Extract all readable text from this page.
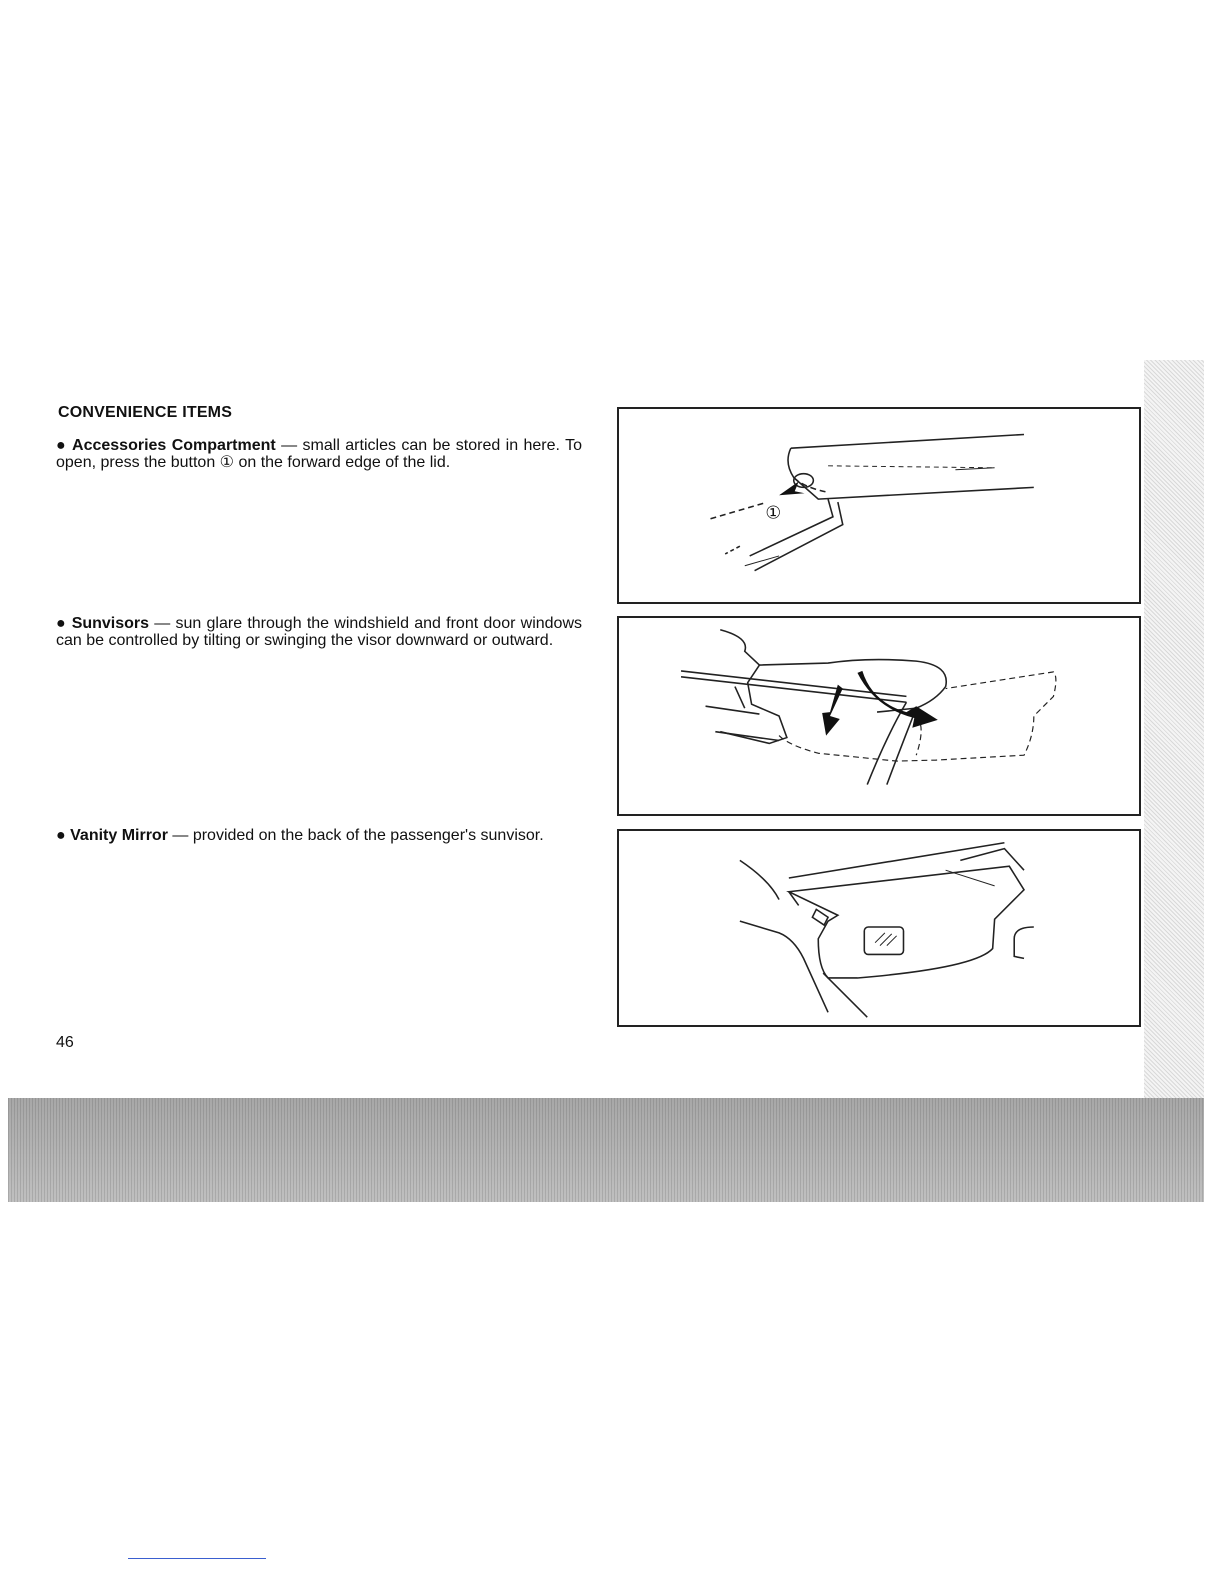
CONVENIENCE ITEMS
● Accessories Compartment — small articles can be stored in here. To open, press the button ① on the forward edge of the lid.
● Sunvisors — sun glare through the windshield and front door windows can be controlled by tilting or swinging the visor downward or outward.
● Vanity Mirror — provided on the back of the passenger's sunvisor.
46
①
